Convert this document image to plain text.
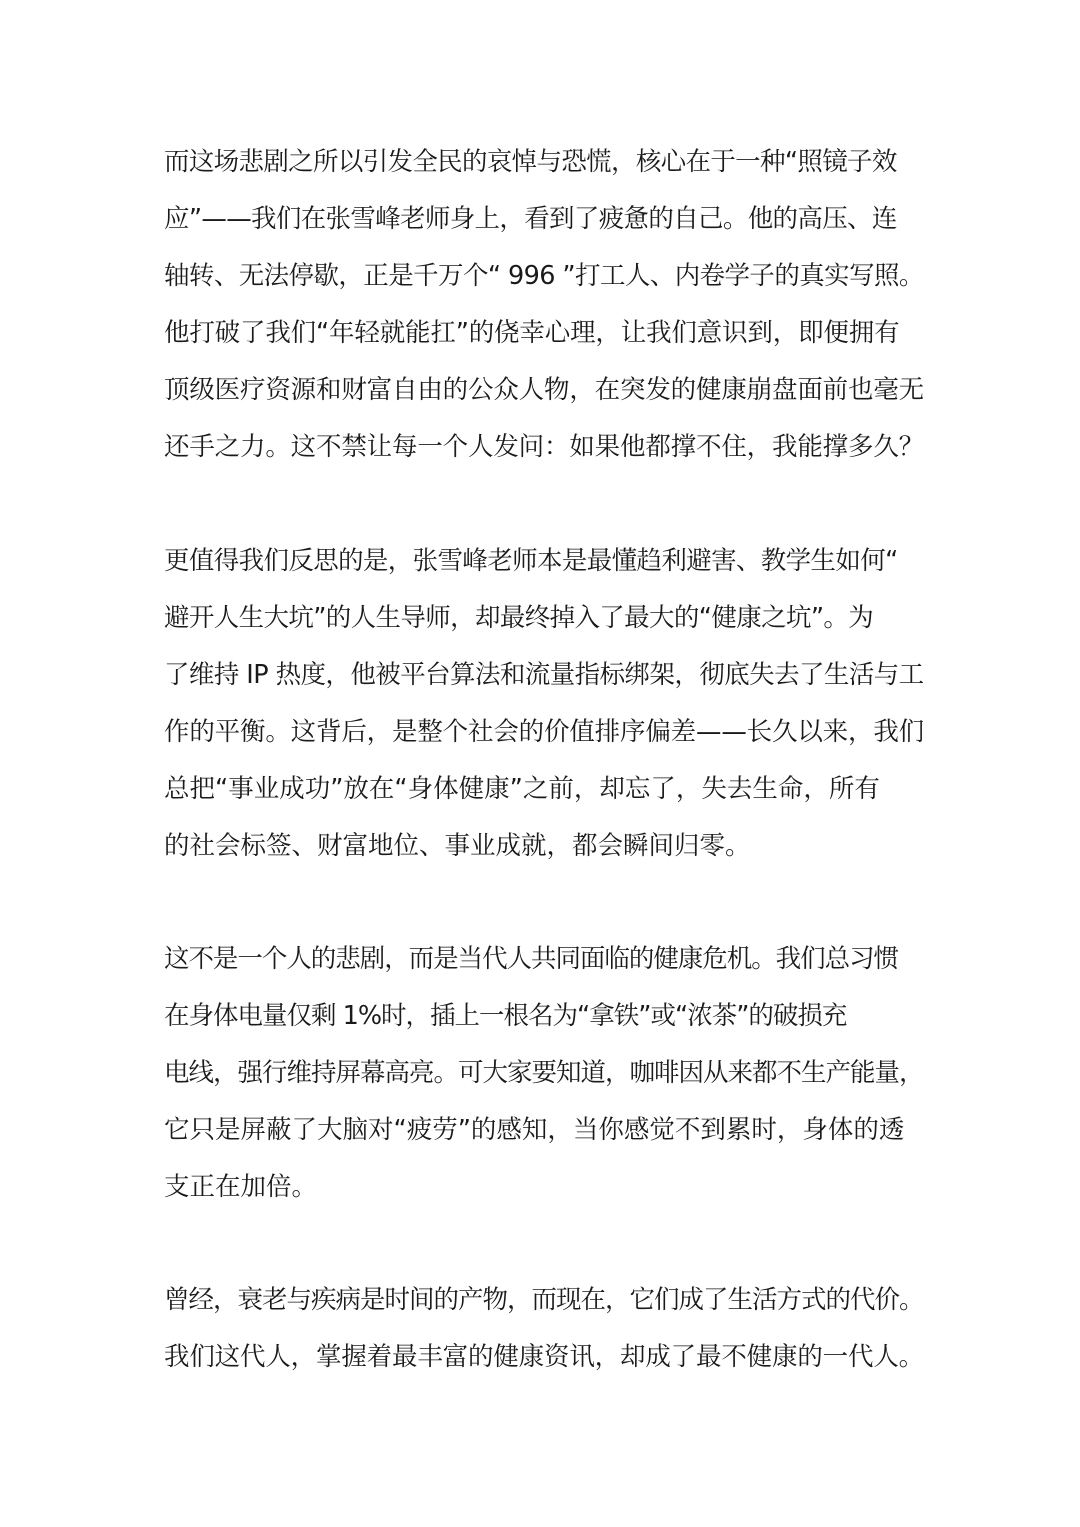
而这场悲剧之所以引发全民的哀悼与恐慌，核心在于一种“照镜子效
应”——我们在张雪峰老师身上，看到了疲惫的自己。他的高压、连
轴转、无法停歇，正是千万个“ 996 ”打工人、内卷学子的真实写照。
他打破了我们“年轻就能扛”的侥幸心理，让我们意识到，即便拥有
顶级医疗资源和财富自由的公众人物，在突发的健康崩盘面前也毫无
还手之力。这不禁让每一个人发问：如果他都撑不住，我能撑多久？
更值得我们反思的是，张雪峰老师本是最懂趋利避害、教学生如何“
避开人生大坑”的人生导师，却最终掉入了最大的“健康之坑”。为
了维持 IP 热度，他被平台算法和流量指标绑架，彻底失去了生活与工
作的平衡。这背后，是整个社会的价值排序偏差——长久以来，我们
总把“事业成功”放在“身体健康”之前，却忘了，失去生命，所有
的社会标签、财富地位、事业成就，都会瞬间归零。
这不是一个人的悲剧，而是当代人共同面临的健康危机。我们总习惯
在身体电量仅剩 1%时，插上一根名为“拿铁”或“浓茶”的破损充
电线，强行维持屏幕高亮。可大家要知道，咖啡因从来都不生产能量，
它只是屏蔽了大脑对“疲劳”的感知，当你感觉不到累时，身体的透
支正在加倍。
曾经，衰老与疾病是时间的产物，而现在，它们成了生活方式的代价。
我们这代人，掌握着最丰富的健康资讯，却成了最不健康的一代人。
